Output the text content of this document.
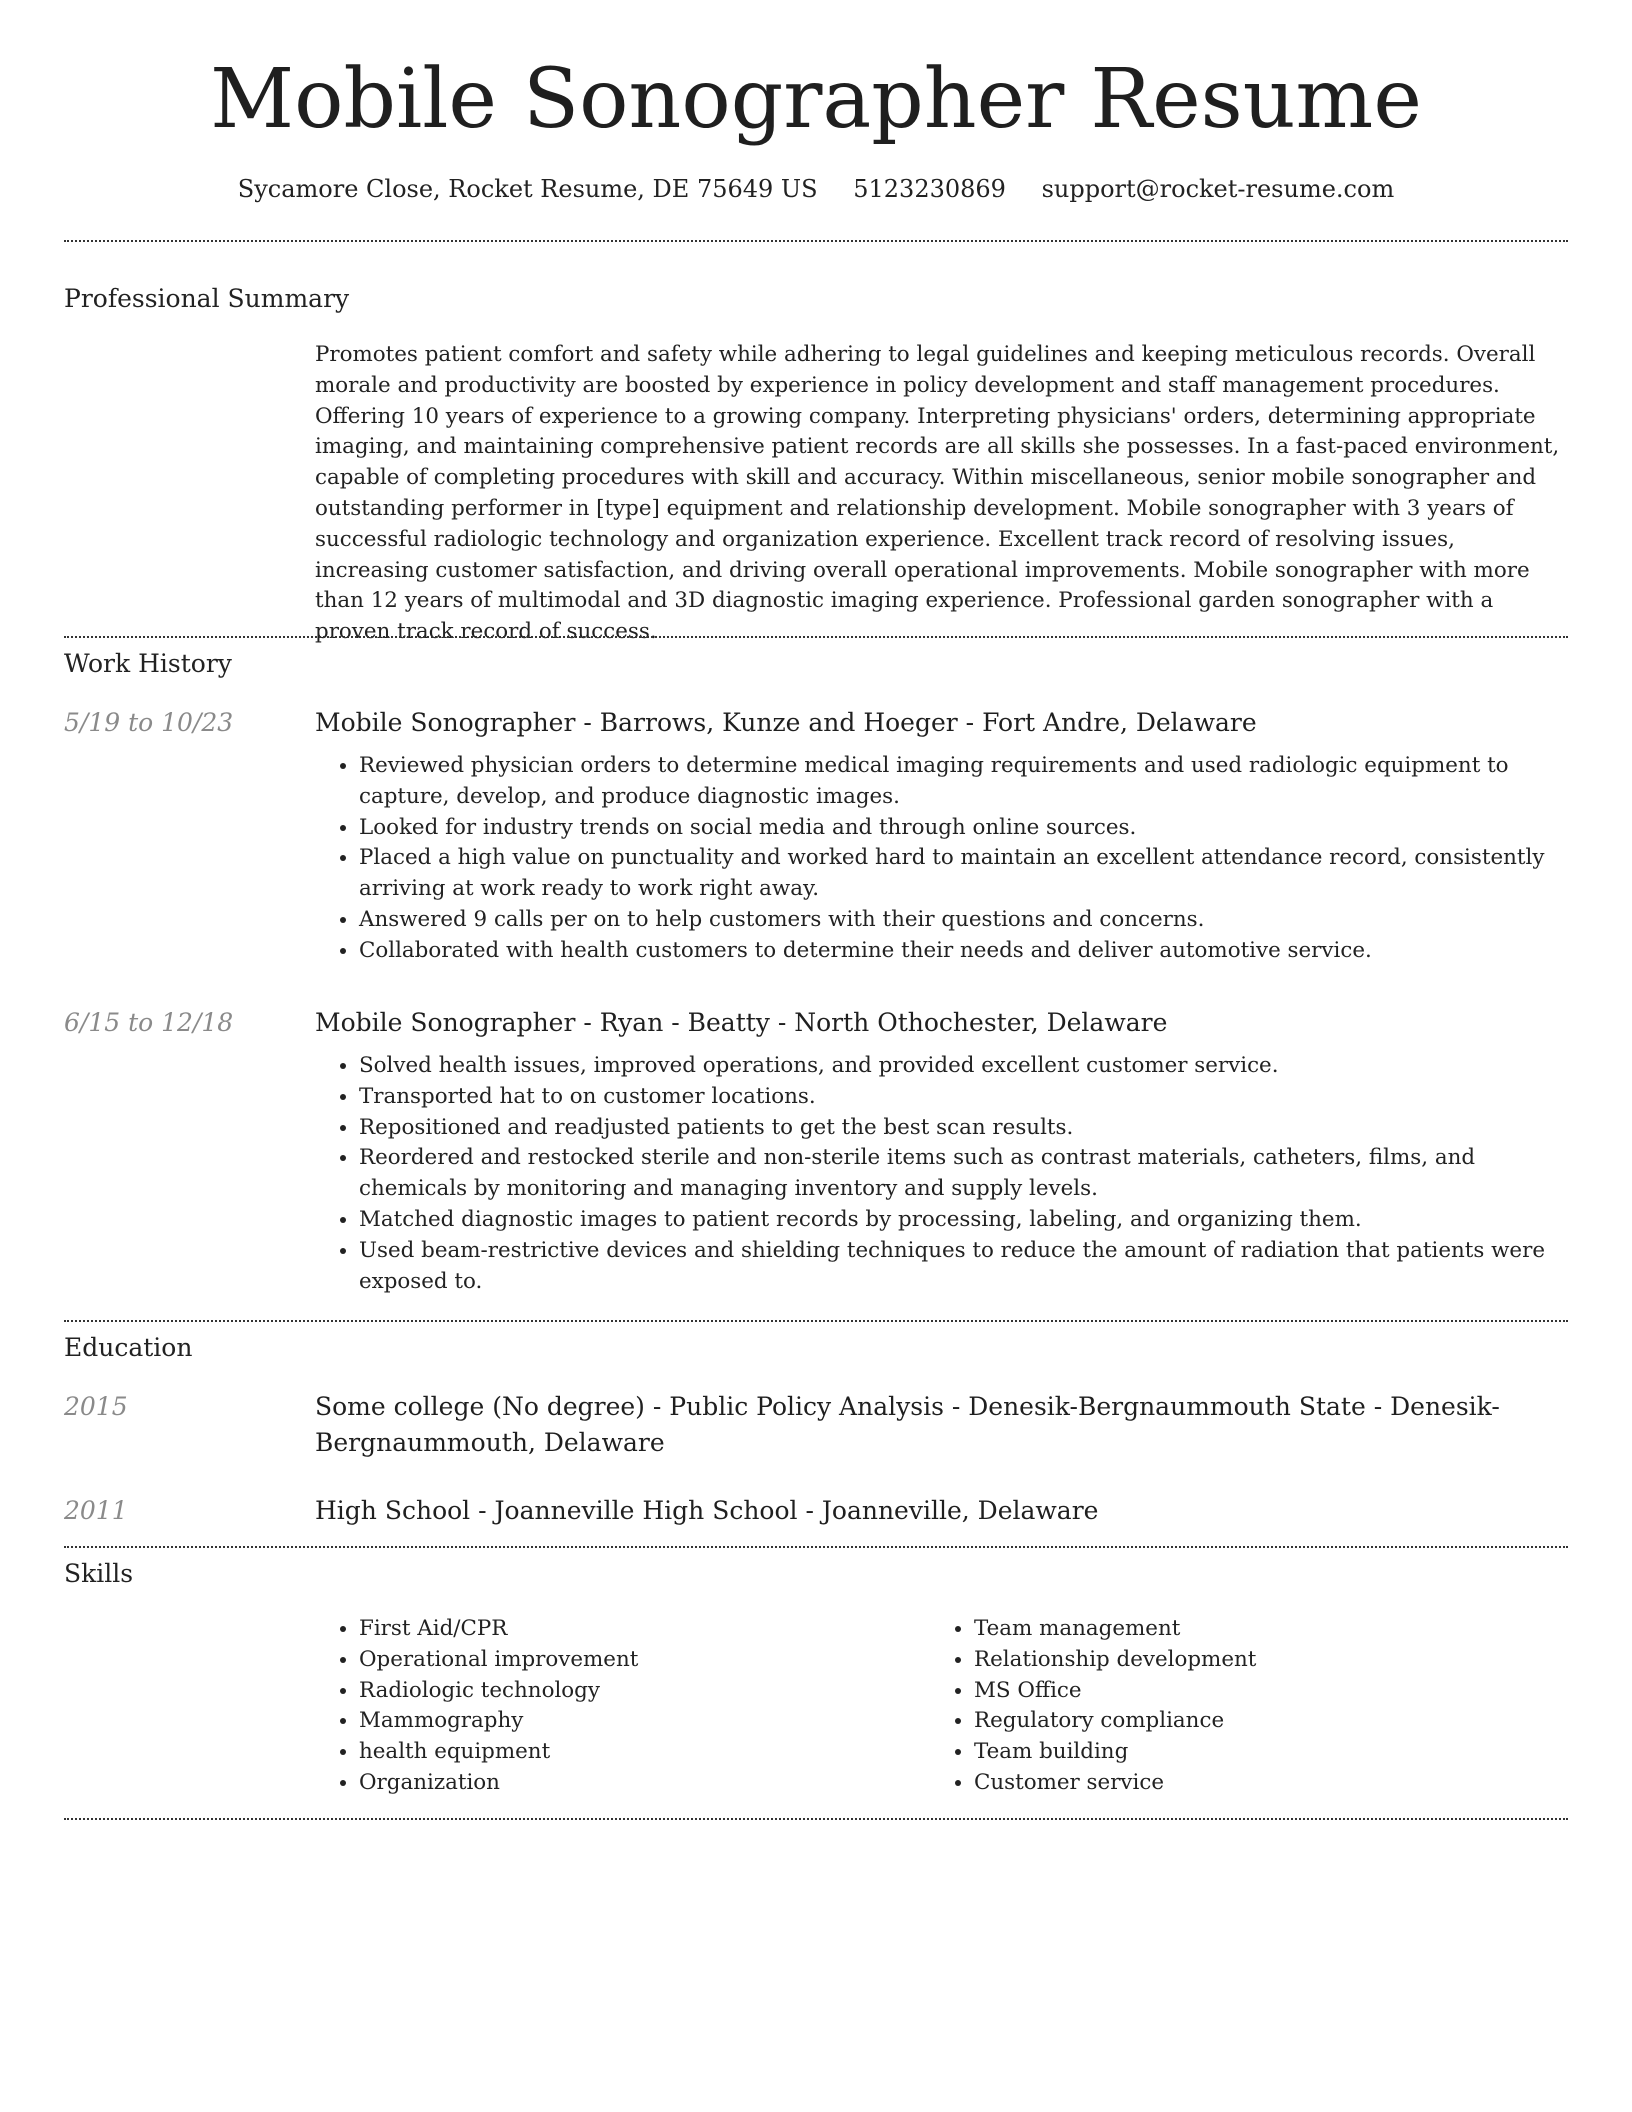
Mobile Sonographer Resume
Sycamore Close, Rocket Resume, DE 75649 US 5123230869 support@rocket-resume.com
Professional Summary

Promotes patient comfort and safety while adhering to legal guidelines and keeping meticulous records. Overall morale and productivity are boosted by experience in policy development and staff management procedures. Offering 10 years of experience to a growing company. Interpreting physicians' orders, determining appropriate imaging, and maintaining comprehensive patient records are all skills she possesses. In a fast-paced environment, capable of completing procedures with skill and accuracy. Within miscellaneous, senior mobile sonographer and outstanding performer in [type] equipment and relationship development. Mobile sonographer with 3 years of successful radiologic technology and organization experience. Excellent track record of resolving issues, increasing customer satisfaction, and driving overall operational improvements. Mobile sonographer with more than 12 years of multimodal and 3D diagnostic imaging experience. Professional garden sonographer with a proven track record of success.

Work History
5/19 to 10/23	Mobile Sonographer - Barrows, Kunze and Hoeger - Fort Andre, Delaware
• Reviewed physician orders to determine medical imaging requirements and used radiologic equipment to capture, develop, and produce diagnostic images.
• Looked for industry trends on social media and through online sources.
• Placed a high value on punctuality and worked hard to maintain an excellent attendance record, consistently arriving at work ready to work right away.
• Answered 9 calls per on to help customers with their questions and concerns.
• Collaborated with health customers to determine their needs and deliver automotive service.
6/15 to 12/18	Mobile Sonographer - Ryan - Beatty - North Othochester, Delaware
• Solved health issues, improved operations, and provided excellent customer service.
• Transported hat to on customer locations.
• Repositioned and readjusted patients to get the best scan results.
• Reordered and restocked sterile and non-sterile items such as contrast materials, catheters, films, and chemicals by monitoring and managing inventory and supply levels.
• Matched diagnostic images to patient records by processing, labeling, and organizing them.
• Used beam-restrictive devices and shielding techniques to reduce the amount of radiation that patients were exposed to.
Education
2015	Some college (No degree) - Public Policy Analysis - Denesik-Bergnaummouth State - Denesik-Bergnaummouth, Delaware
2011	High School - Joanneville High School - Joanneville, Delaware
Skills
• First Aid/CPR
• Operational improvement
• Radiologic technology
• Mammography
• health equipment
• Organization
• Team management
• Relationship development
• MS Office
• Regulatory compliance
• Team building
• Customer service
